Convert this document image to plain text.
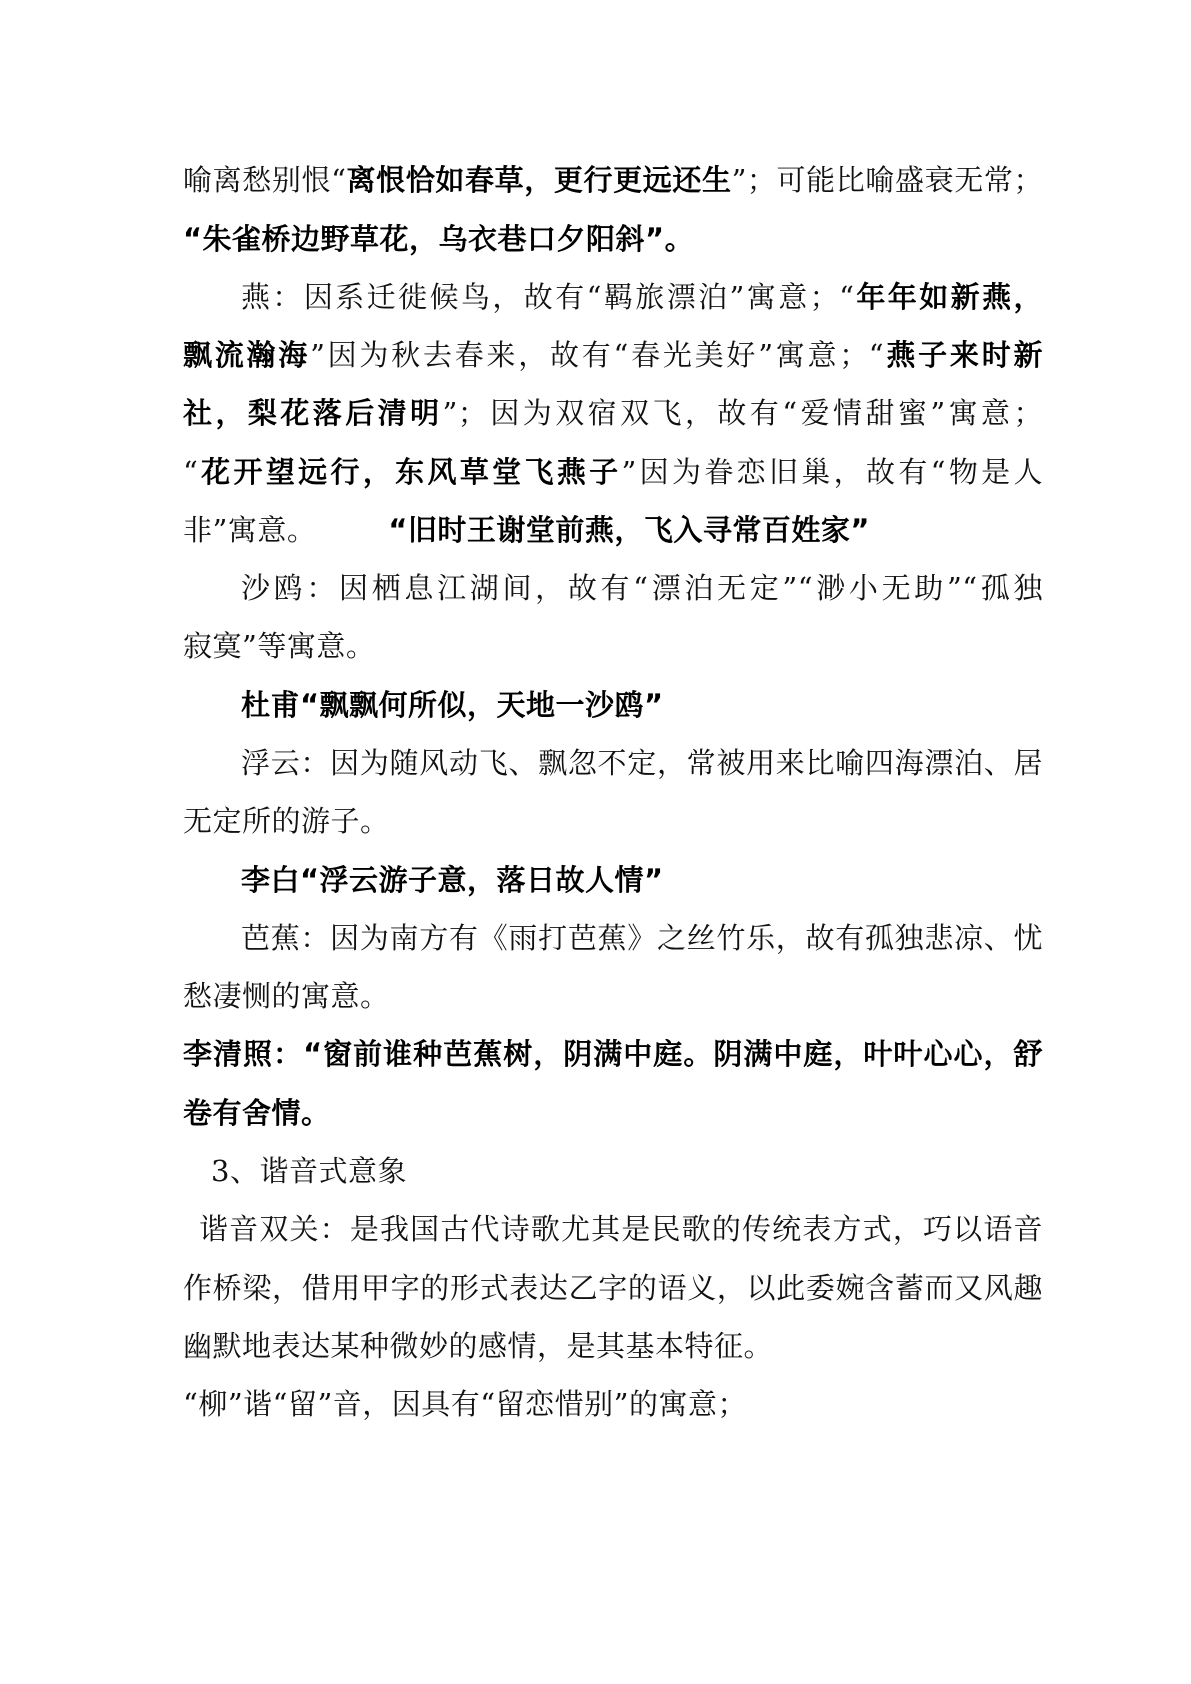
喻离愁别恨“离恨恰如春草，更行更远还生”；可能比喻盛衰无常；
“朱雀桥边野草花，乌衣巷口夕阳斜”。
燕：因系迁徙候鸟，故有“羁旅漂泊”寓意；“年年如新燕，
飘流瀚海”因为秋去春来，故有“春光美好”寓意；“燕子来时新
社，梨花落后清明”；因为双宿双飞，故有“爱情甜蜜”寓意；
“花开望远行，东风草堂飞燕子”因为眷恋旧巢，故有“物是人
非”寓意。 “旧时王谢堂前燕，飞入寻常百姓家”
沙鸥：因栖息江湖间，故有“漂泊无定”“渺小无助”“孤独
寂寞”等寓意。
杜甫“飘飘何所似，天地一沙鸥”
浮云：因为随风动飞、飘忽不定，常被用来比喻四海漂泊、居
无定所的游子。
李白“浮云游子意，落日故人情”
芭蕉：因为南方有《雨打芭蕉》之丝竹乐，故有孤独悲凉、忧
愁凄恻的寓意。
李清照：“窗前谁种芭蕉树，阴满中庭。阴满中庭，叶叶心心，舒
卷有舍情。
3、谐音式意象
谐音双关：是我国古代诗歌尤其是民歌的传统表方式，巧以语音
作桥梁，借用甲字的形式表达乙字的语义，以此委婉含蓄而又风趣
幽默地表达某种微妙的感情，是其基本特征。
“柳”谐“留”音，因具有“留恋惜别”的寓意；
